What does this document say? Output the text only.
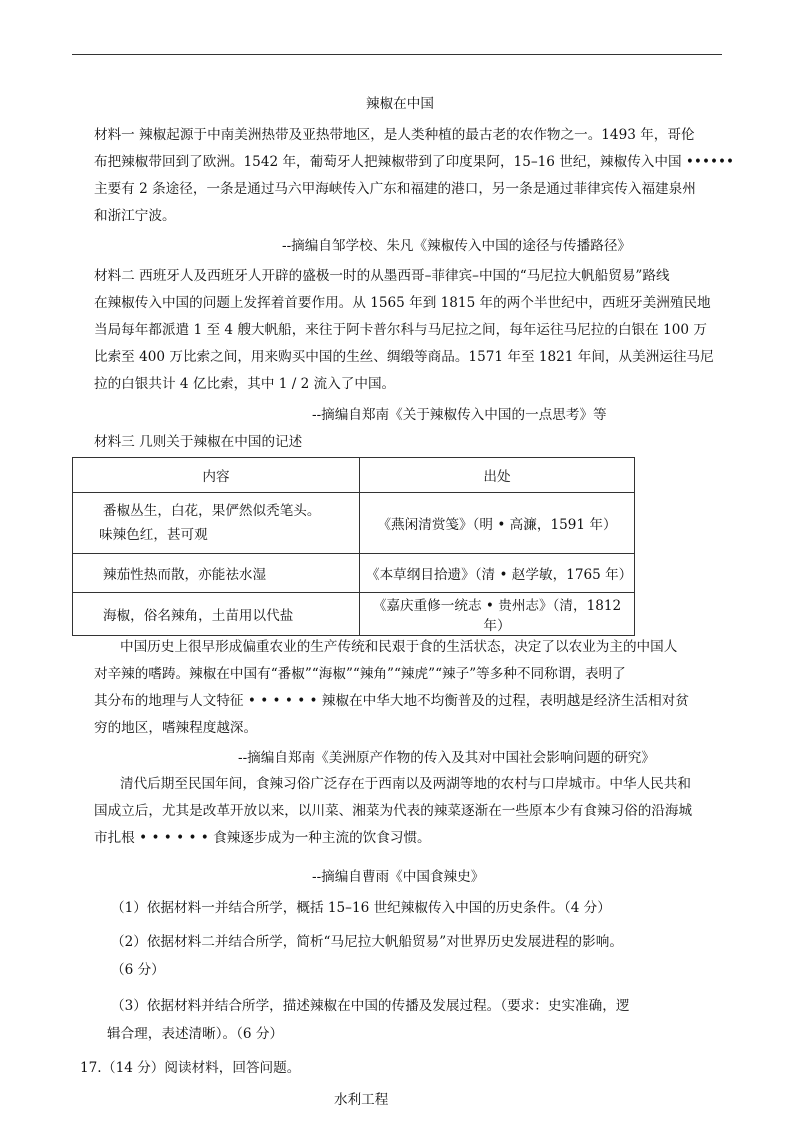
辣椒在中国
材料一 辣椒起源于中南美洲热带及亚热带地区，是人类种植的最古老的农作物之一。1493 年，哥伦
布把辣椒带回到了欧洲。1542 年，葡萄牙人把辣椒带到了印度果阿，15–16 世纪，辣椒传入中国 ••••••
主要有 2 条途径，一条是通过马六甲海峡传入广东和福建的港口，另一条是通过菲律宾传入福建泉州
和浙江宁波。
--摘编自邹学校、朱凡《辣椒传入中国的途径与传播路径》
材料二 西班牙人及西班牙人开辟的盛极一时的从墨西哥–菲律宾–中国的“马尼拉大帆船贸易”路线
在辣椒传入中国的问题上发挥着首要作用。从 1565 年到 1815 年的两个半世纪中，西班牙美洲殖民地
当局每年都派遣 1 至 4 艘大帆船，来往于阿卡普尔科与马尼拉之间，每年运往马尼拉的白银在 100 万
比索至 400 万比索之间，用来购买中国的生丝、绸缎等商品。1571 年至 1821 年间，从美洲运往马尼
拉的白银共计 4 亿比索，其中 1 / 2 流入了中国。
--摘编自郑南《关于辣椒传入中国的一点思考》等
材料三 几则关于辣椒在中国的记述
内容	出处

番椒丛生，白花，果俨然似秃笔头。
味辣色红，甚可观	《燕闲清赏笺》（明 • 高濂，1591 年）
辣茄性热而散，亦能祛水湿	《本草纲目拾遗》（清 • 赵学敏，1765 年）
海椒，俗名辣角，土苗用以代盐	《嘉庆重修一统志 • 贵州志》（清，1812 年）
中国历史上很早形成偏重农业的生产传统和民艰于食的生活状态，决定了以农业为主的中国人
对辛辣的嗜踌。辣椒在中国有“番椒”“海椒”“辣角”“辣虎”“辣子”等多种不同称谓，表明了
其分布的地理与人文特征 • • • • • • 辣椒在中华大地不均衡普及的过程，表明越是经济生活相对贫
穷的地区，嗜辣程度越深。
--摘编自郑南《美洲原产作物的传入及其对中国社会影响问题的研究》
清代后期至民国年间，食辣习俗广泛存在于西南以及两湖等地的农村与口岸城市。中华人民共和
国成立后，尤其是改革开放以来，以川菜、湘菜为代表的辣菜逐渐在一些原本少有食辣习俗的沿海城
市扎根 • • • • • • 食辣逐步成为一种主流的饮食习惯。
--摘编自曹雨《中国食辣史》
（1）依据材料一并结合所学，概括 15–16 世纪辣椒传入中国的历史条件。（4 分）
（2）依据材料二并结合所学，简析“马尼拉大帆船贸易”对世界历史发展进程的影响。
（6 分）
（3）依据材料并结合所学，描述辣椒在中国的传播及发展过程。（要求：史实准确，逻
辑合理，表述清晰）。（6 分）
17. （14 分）阅读材料，回答问题。
水利工程
